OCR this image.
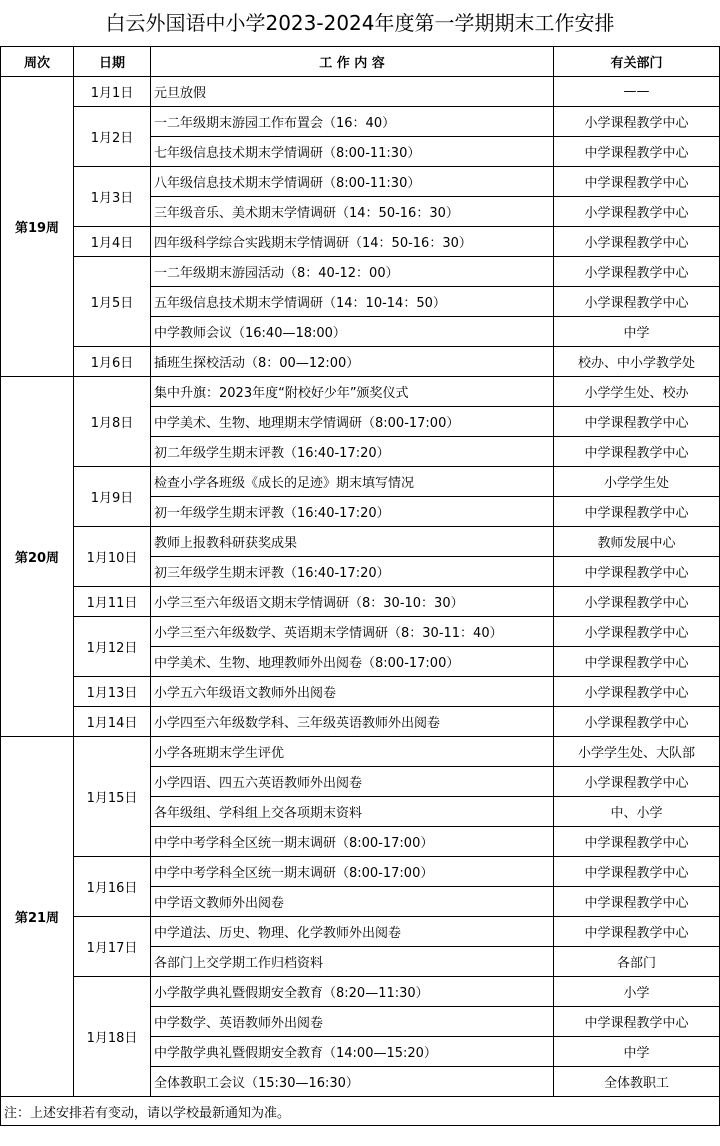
白云外国语中小学2023-2024年度第一学期期末工作安排
周次	日期	工 作 内 容	有关部门
第19周	1月1日	元旦放假	——
	1月2日	一二年级期末游园工作布置会（16：40）	小学课程教学中心
		七年级信息技术期末学情调研（8:00-11:30）	中学课程教学中心
	1月3日	八年级信息技术期末学情调研（8:00-11:30）	中学课程教学中心
		三年级音乐、美术期末学情调研（14：50-16：30）	小学课程教学中心
	1月4日	四年级科学综合实践期末学情调研（14：50-16：30）	小学课程教学中心
	1月5日	一二年级期末游园活动（8：40-12：00）	小学课程教学中心
		五年级信息技术期末学情调研（14：10-14：50）	小学课程教学中心
		中学教师会议（16:40—18:00）	中学
	1月6日	插班生探校活动（8：00—12:00）	校办、中小学教学处
第20周	1月8日	集中升旗：2023年度“附校好少年”颁奖仪式	小学学生处、校办
		中学美术、生物、地理期末学情调研（8:00-17:00）	中学课程教学中心
		初二年级学生期末评教（16:40-17:20）	中学课程教学中心
	1月9日	检查小学各班级《成长的足迹》期末填写情况	小学学生处
		初一年级学生期末评教（16:40-17:20）	中学课程教学中心
	1月10日	教师上报教科研获奖成果	教师发展中心
		初三年级学生期末评教（16:40-17:20）	中学课程教学中心
	1月11日	小学三至六年级语文期末学情调研（8：30-10：30）	小学课程教学中心
	1月12日	小学三至六年级数学、英语期末学情调研（8：30-11：40）	小学课程教学中心
		中学美术、生物、地理教师外出阅卷（8:00-17:00）	中学课程教学中心
	1月13日	小学五六年级语文教师外出阅卷	小学课程教学中心
	1月14日	小学四至六年级数学科、三年级英语教师外出阅卷	小学课程教学中心
第21周	1月15日	小学各班期末学生评优	小学学生处、大队部
		小学四语、四五六英语教师外出阅卷	小学课程教学中心
		各年级组、学科组上交各项期末资料	中、小学
		中学中考学科全区统一期末调研（8:00-17:00）	中学课程教学中心
	1月16日	中学中考学科全区统一期末调研（8:00-17:00）	中学课程教学中心
		中学语文教师外出阅卷	中学课程教学中心
	1月17日	中学道法、历史、物理、化学教师外出阅卷	中学课程教学中心
		各部门上交学期工作归档资料	各部门
	1月18日	小学散学典礼暨假期安全教育（8:20—11:30）	小学
		中学数学、英语教师外出阅卷	中学课程教学中心
		中学散学典礼暨假期安全教育（14:00—15:20）	中学
		全体教职工会议（15:30—16:30）	全体教职工
注：上述安排若有变动，请以学校最新通知为准。			
